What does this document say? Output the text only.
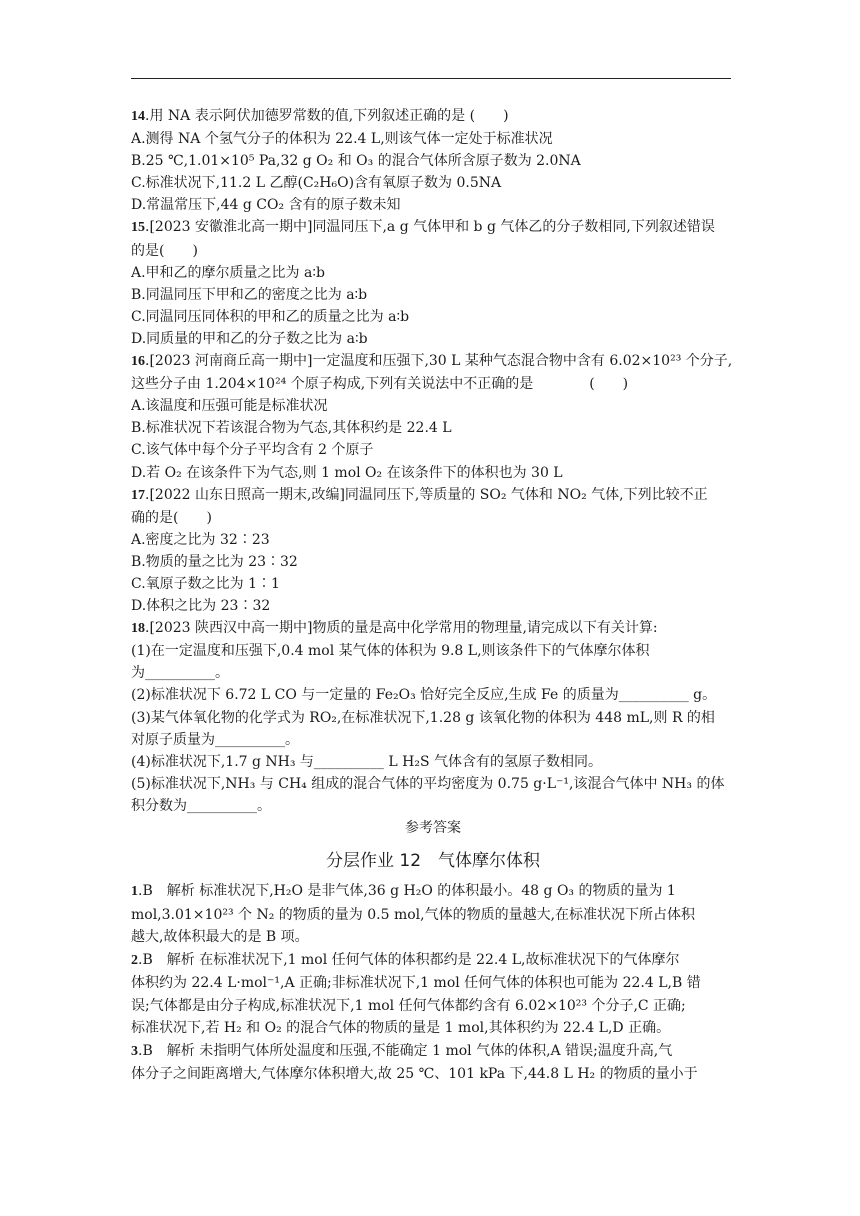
14.用 NA 表示阿伏加德罗常数的值,下列叙述正确的是 (　　)
A.测得 NA 个氢气分子的体积为 22.4 L,则该气体一定处于标准状况
B.25 ℃,1.01×10⁵ Pa,32 g O₂ 和 O₃ 的混合气体所含原子数为 2.0NA
C.标准状况下,11.2 L 乙醇(C₂H₆O)含有氧原子数为 0.5NA
D.常温常压下,44 g CO₂ 含有的原子数未知
15.[2023 安徽淮北高一期中]同温同压下,a g 气体甲和 b g 气体乙的分子数相同,下列叙述错误
的是(　　)
A.甲和乙的摩尔质量之比为 a∶b
B.同温同压下甲和乙的密度之比为 a∶b
C.同温同压同体积的甲和乙的质量之比为 a∶b
D.同质量的甲和乙的分子数之比为 a∶b
16.[2023 河南商丘高一期中]一定温度和压强下,30 L 某种气态混合物中含有 6.02×10²³ 个分子,
这些分子由 1.204×10²⁴ 个原子构成,下列有关说法中不正确的是　　　　(　　)
A.该温度和压强可能是标准状况
B.标准状况下若该混合物为气态,其体积约是 22.4 L
C.该气体中每个分子平均含有 2 个原子
D.若 O₂ 在该条件下为气态,则 1 mol O₂ 在该条件下的体积也为 30 L
17.[2022 山东日照高一期末,改编]同温同压下,等质量的 SO₂ 气体和 NO₂ 气体,下列比较不正
确的是(　　)
A.密度之比为 32∶23
B.物质的量之比为 23∶32
C.氧原子数之比为 1∶1
D.体积之比为 23∶32
18.[2023 陕西汉中高一期中]物质的量是高中化学常用的物理量,请完成以下有关计算:
(1)在一定温度和压强下,0.4 mol 某气体的体积为 9.8 L,则该条件下的气体摩尔体积
为__________。
(2)标准状况下 6.72 L CO 与一定量的 Fe₂O₃ 恰好完全反应,生成 Fe 的质量为__________ g。
(3)某气体氧化物的化学式为 RO₂,在标准状况下,1.28 g 该氧化物的体积为 448 mL,则 R 的相
对原子质量为__________。
(4)标准状况下,1.7 g NH₃ 与__________ L H₂S 气体含有的氢原子数相同。
(5)标准状况下,NH₃ 与 CH₄ 组成的混合气体的平均密度为 0.75 g·L⁻¹,该混合气体中 NH₃ 的体
积分数为__________。
参考答案
分层作业 12　气体摩尔体积
1.B　解析 标准状况下,H₂O 是非气体,36 g H₂O 的体积最小。48 g O₃ 的物质的量为 1
mol,3.01×10²³ 个 N₂ 的物质的量为 0.5 mol,气体的物质的量越大,在标准状况下所占体积
越大,故体积最大的是 B 项。
2.B　解析 在标准状况下,1 mol 任何气体的体积都约是 22.4 L,故标准状况下的气体摩尔
体积约为 22.4 L·mol⁻¹,A 正确;非标准状况下,1 mol 任何气体的体积也可能为 22.4 L,B 错
误;气体都是由分子构成,标准状况下,1 mol 任何气体都约含有 6.02×10²³ 个分子,C 正确;
标准状况下,若 H₂ 和 O₂ 的混合气体的物质的量是 1 mol,其体积约为 22.4 L,D 正确。
3.B　解析 未指明气体所处温度和压强,不能确定 1 mol 气体的体积,A 错误;温度升高,气
体分子之间距离增大,气体摩尔体积增大,故 25 ℃、101 kPa 下,44.8 L H₂ 的物质的量小于
